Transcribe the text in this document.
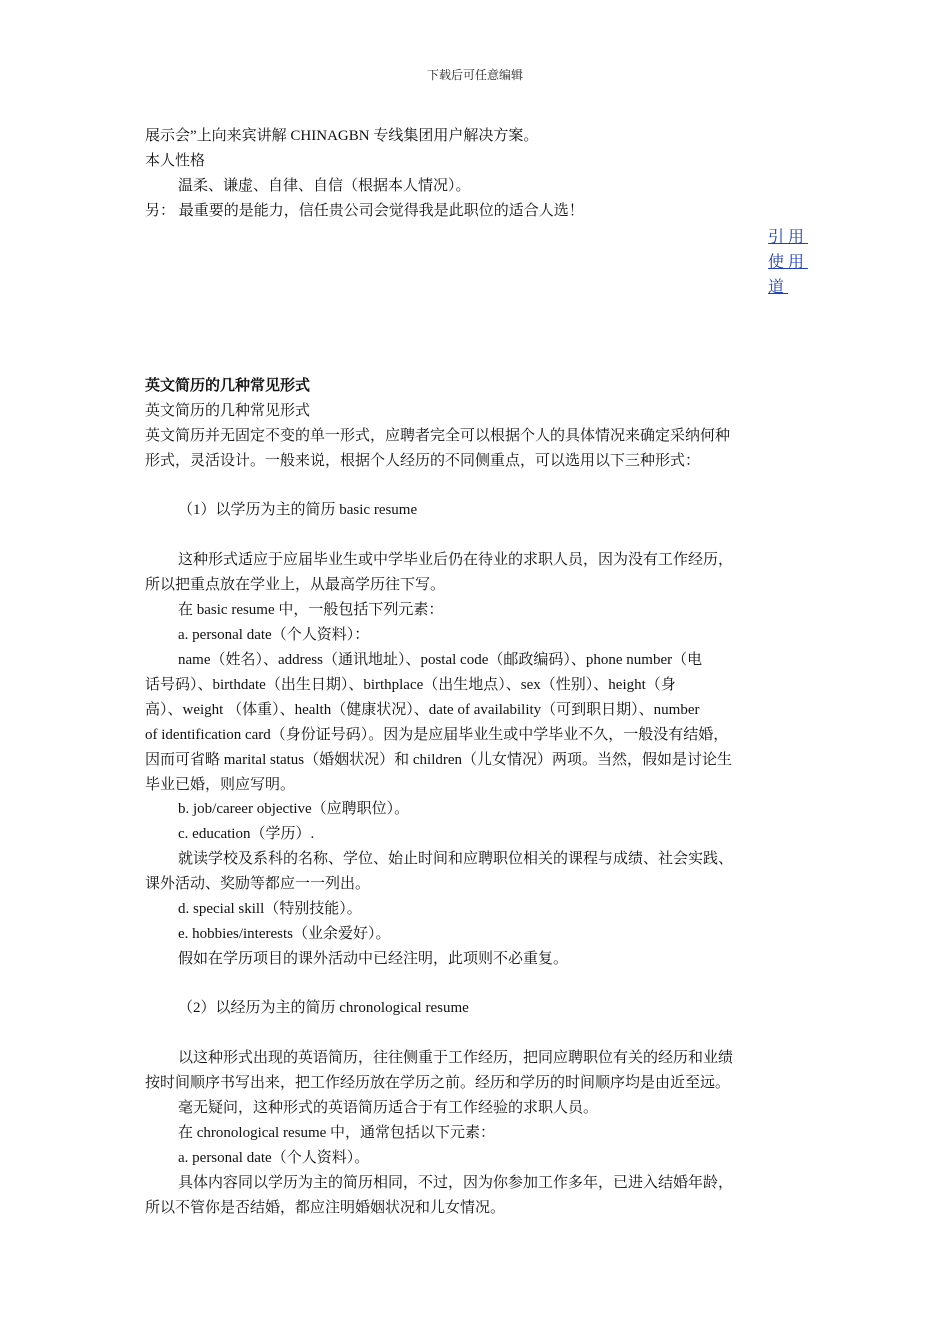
下载后可任意编辑
展示会”上向来宾讲解 CHINAGBN 专线集团用户解决方案。
本人性格
温柔、谦虚、自律、自信（根据本人情况）。
另： 最重要的是能力，信任贵公司会觉得我是此职位的适合人选！
引用
使用
道
英文简历的几种常见形式
英文简历的几种常见形式
英文简历并无固定不变的单一形式，应聘者完全可以根据个人的具体情况来确定采纳何种
形式，灵活设计。一般来说，根据个人经历的不同侧重点，可以选用以下三种形式：
（1）以学历为主的简历 basic resume
这种形式适应于应届毕业生或中学毕业后仍在待业的求职人员，因为没有工作经历，
所以把重点放在学业上，从最高学历往下写。
在 basic resume 中，一般包括下列元素：
a. personal date（个人资料）：
name（姓名）、address（通讯地址）、postal code（邮政编码）、phone number（电
话号码）、birthdate（出生日期）、birthplace（出生地点）、sex（性别）、height（身
高）、weight （体重）、health（健康状况）、date of availability（可到职日期）、number
of identification card（身份证号码）。因为是应届毕业生或中学毕业不久，一般没有结婚，
因而可省略 marital status（婚姻状况）和 children（儿女情况）两项。当然，假如是讨论生
毕业已婚，则应写明。
b. job/career objective（应聘职位）。
c. education（学历）.
就读学校及系科的名称、学位、始止时间和应聘职位相关的课程与成绩、社会实践、
课外活动、奖励等都应一一列出。
d. special skill（特别技能）。
e. hobbies/interests（业余爱好）。
假如在学历项目的课外活动中已经注明，此项则不必重复。
（2）以经历为主的简历 chronological resume
以这种形式出现的英语简历，往往侧重于工作经历，把同应聘职位有关的经历和业绩
按时间顺序书写出来，把工作经历放在学历之前。经历和学历的时间顺序均是由近至远。
毫无疑问，这种形式的英语简历适合于有工作经验的求职人员。
在 chronological resume 中，通常包括以下元素：
a. personal date（个人资料）。
具体内容同以学历为主的简历相同，不过，因为你参加工作多年，已进入结婚年龄，
所以不管你是否结婚，都应注明婚姻状况和儿女情况。
